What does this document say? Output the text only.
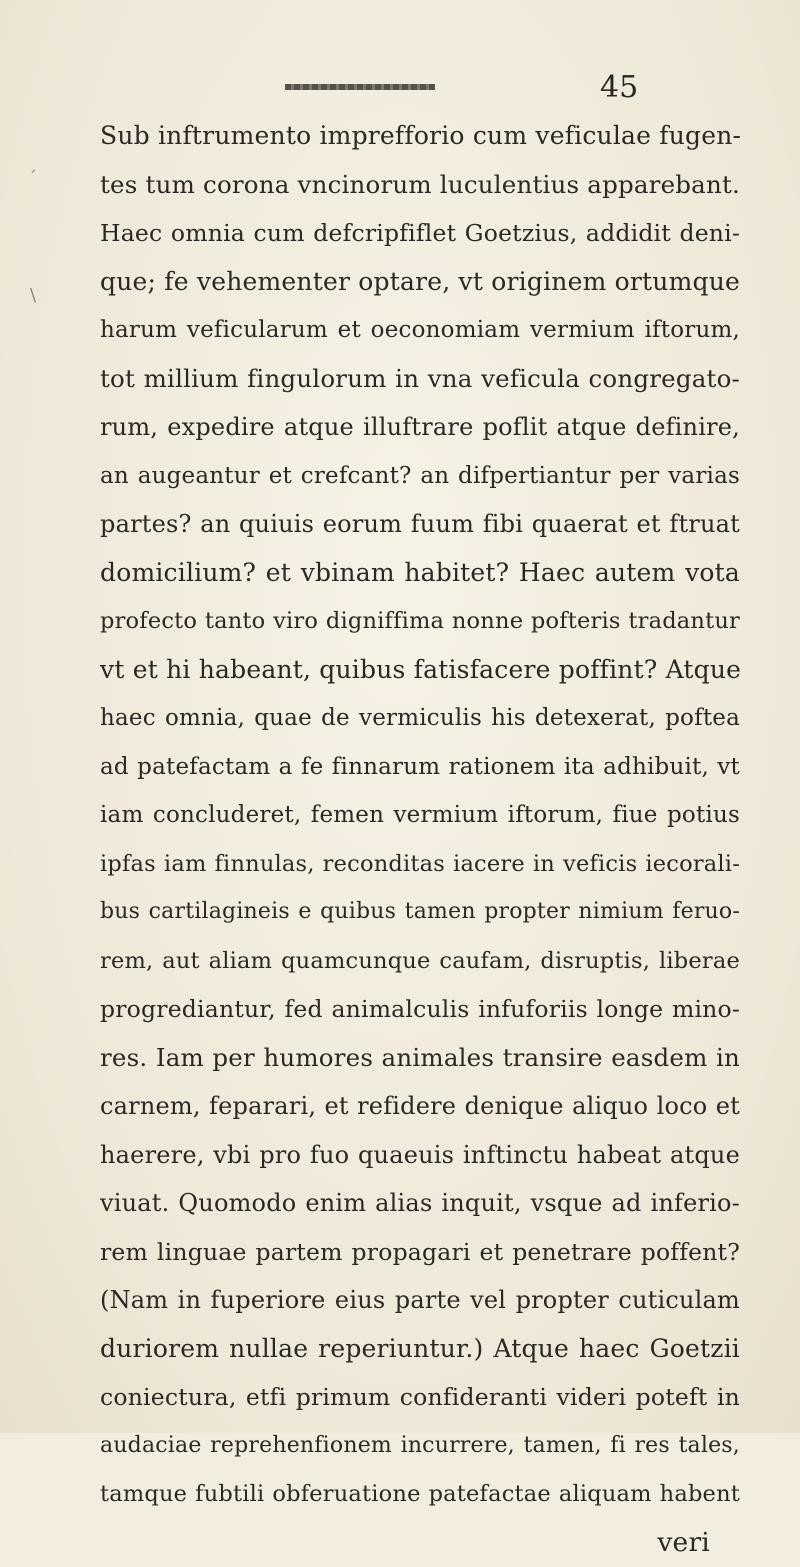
45
´
\
Sub inftrumento imprefforio cum veficulae fugen-
tes tum corona vncinorum luculentius apparebant.
Haec omnia cum defcripfiflet Goetzius, addidit deni-
que; fe vehementer optare, vt originem ortumque
harum veficularum et oeconomiam vermium iftorum,
tot millium fingulorum in vna veficula congregato-
rum, expedire atque illuftrare poflit atque definire,
an augeantur et crefcant? an difpertiantur per varias
partes? an quiuis eorum fuum fibi quaerat et ftruat
domicilium? et vbinam habitet? Haec autem vota
profecto tanto viro digniffima nonne pofteris tradantur
vt et hi habeant, quibus fatisfacere poffint? Atque
haec omnia, quae de vermiculis his detexerat, poftea
ad patefactam a fe finnarum rationem ita adhibuit, vt
iam concluderet, femen vermium iftorum, fiue potius
ipfas iam finnulas, reconditas iacere in veficis iecorali-
bus cartilagineis e quibus tamen propter nimium feruo-
rem, aut aliam quamcunque caufam, disruptis, liberae
progrediantur, fed animalculis infuforiis longe mino-
res. Iam per humores animales transire easdem in
carnem, feparari, et refidere denique aliquo loco et
haerere, vbi pro fuo quaeuis inftinctu habeat atque
viuat. Quomodo enim alias inquit, vsque ad inferio-
rem linguae partem propagari et penetrare poffent?
(Nam in fuperiore eius parte vel propter cuticulam
duriorem nullae reperiuntur.) Atque haec Goetzii
coniectura, etfi primum confideranti videri poteft in
audaciae reprehenfionem incurrere, tamen, fi res tales,
tamque fubtili obferuatione patefactae aliquam habent
veri
